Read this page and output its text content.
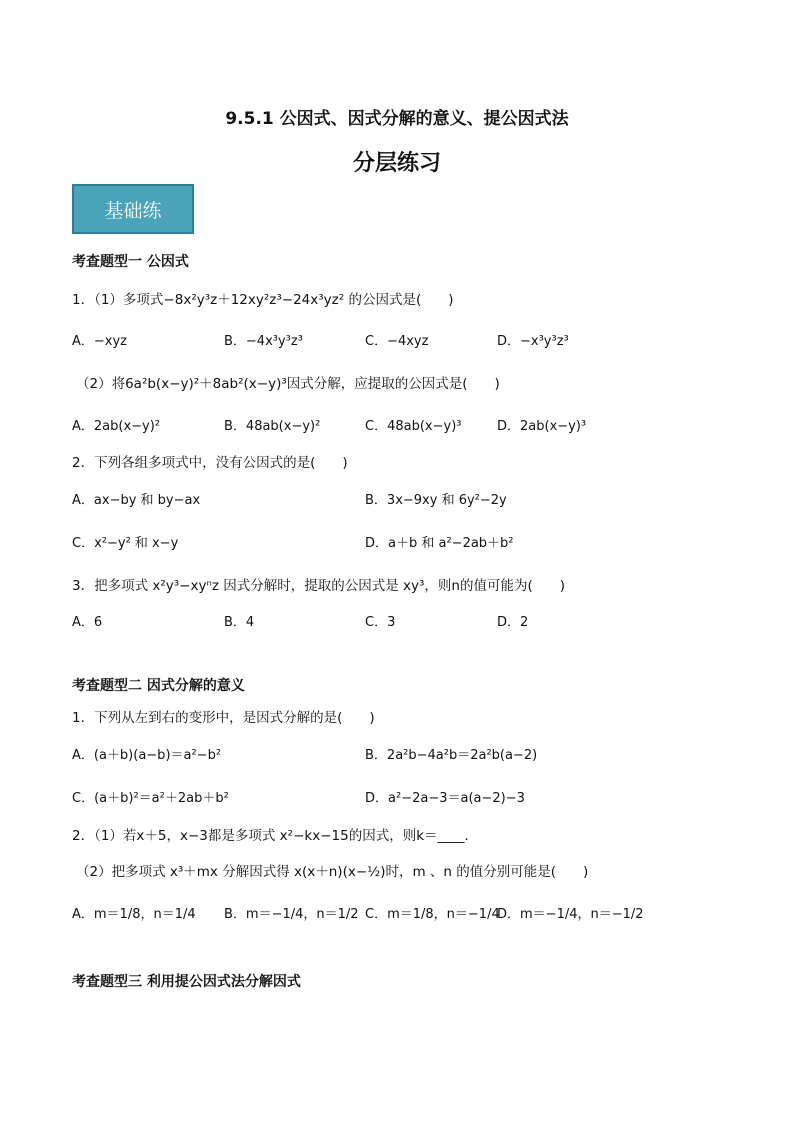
9.5.1 公因式、因式分解的意义、提公因式法
分层练习
基础练
考查题型一 公因式
1．（1）多项式−8x²y³z＋12xy²z³−24x³yz² 的公因式是(　　)
A．−xyz	B．−4x³y³z³	C．−4xyz	D．−x³y³z³
（2）将6a²b(x−y)²＋8ab²(x−y)³因式分解，应提取的公因式是(　　)
A．2ab(x−y)²	B．48ab(x−y)²	C．48ab(x−y)³	D．2ab(x−y)³
2．下列各组多项式中，没有公因式的是(　　)
A．ax−by 和 by−ax	B．3x−9xy 和 6y²−2y
C．x²−y² 和 x−y	D．a＋b 和 a²−2ab＋b²
3．把多项式 x²y³−xyⁿz 因式分解时，提取的公因式是 xy³，则n的值可能为(　　)
A．6	B．4	C．3	D．2
考查题型二 因式分解的意义
1．下列从左到右的变形中，是因式分解的是(　　)
A．(a＋b)(a−b)＝a²−b²	B．2a²b−4a²b＝2a²b(a−2)
C．(a＋b)²＝a²＋2ab＋b²	D．a²−2a−3＝a(a−2)−3
2．（1）若x＋5，x−3都是多项式 x²−kx−15的因式，则k＝____．
（2）把多项式 x³＋mx 分解因式得 x(x＋n)(x−½)时，m 、n 的值分别可能是(　　)
A．m＝1/8，n＝1/4 B．m＝−1/4，n＝1/2 C．m＝1/8，n＝−1/4
D．m＝−1/4，n＝−1/2
考查题型三 利用提公因式法分解因式
